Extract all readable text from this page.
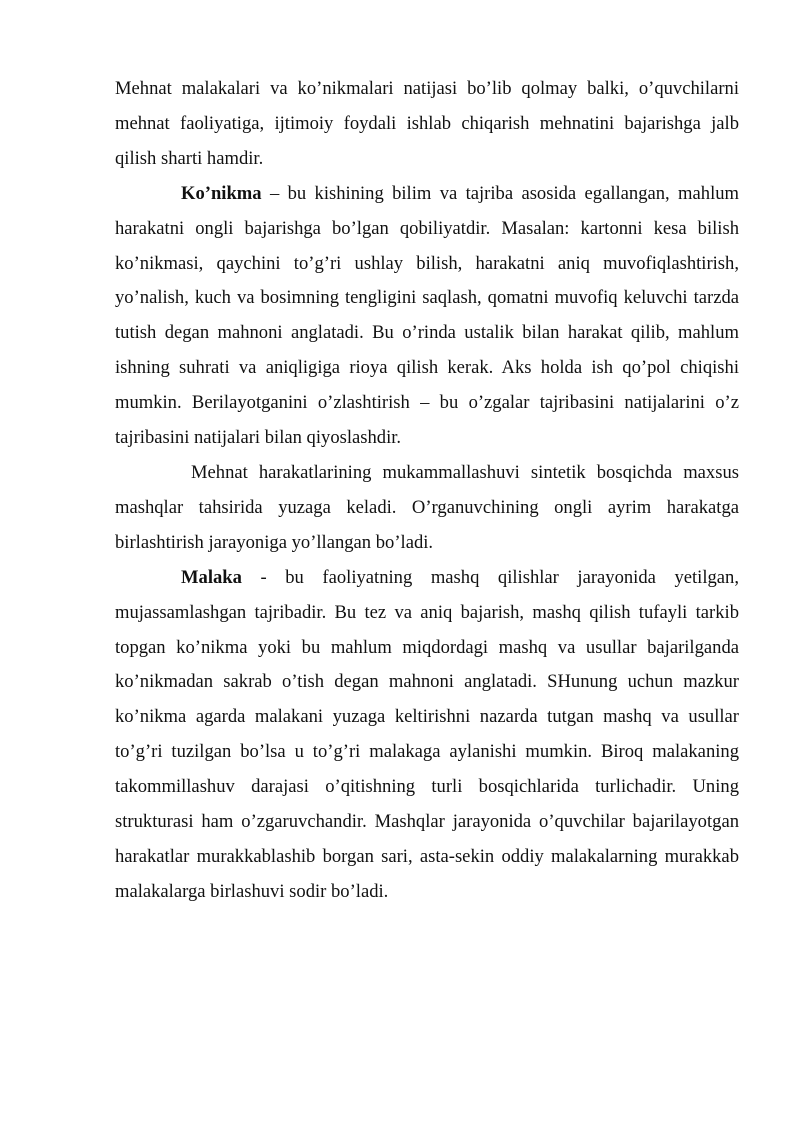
Mehnat malakalari va ko’nikmalari natijasi bo’lib qolmay balki, o’quvchilarni mehnat faoliyatiga, ijtimoiy foydali ishlab chiqarish mehnatini bajarishga jalb qilish sharti hamdir.

Ko’nikma – bu kishining bilim va tajriba asosida egallangan, mahlum harakatni ongli bajarishga bo’lgan qobiliyatdir. Masalan: kartonni kesa bilish ko’nikmasi, qaychini to’g’ri ushlay bilish, harakatni aniq muvofiqlashtirish, yo’nalish, kuch va bosimning tengligini saqlash, qomatni muvofiq keluvchi tarzda tutish degan mahnoni anglatadi. Bu o’rinda ustalik bilan harakat qilib, mahlum ishning suhrati va aniqligiga rioya qilish kerak. Aks holda ish qo’pol chiqishi mumkin. Berilayotganini o’zlashtirish – bu o’zgalar tajribasini natijalarini o’z tajribasini natijalari bilan qiyoslashdir.

Mehnat harakatlarining mukammallashuvi sintetik bosqichda maxsus mashqlar tahsirida yuzaga keladi. O’rganuvchining ongli ayrim harakatga birlashtirish jarayoniga yo’llangan bo’ladi.

Malaka - bu faoliyatning mashq qilishlar jarayonida yetilgan, mujassamlashgan tajribadir. Bu tez va aniq bajarish, mashq qilish tufayli tarkib topgan ko’nikma yoki bu mahlum miqdordagi mashq va usullar bajarilganda ko’nikmadan sakrab o’tish degan mahnoni anglatadi. SHunung uchun mazkur ko’nikma agarda malakani yuzaga keltirishni nazarda tutgan mashq va usullar to’g’ri tuzilgan bo’lsa u to’g’ri malakaga aylanishi mumkin. Biroq malakaning takommillashuv darajasi o’qitishning turli bosqichlarida turlichadir. Uning strukturasi ham o’zgaruvchandir. Mashqlar jarayonida o’quvchilar bajarilayotgan harakatlar murakkablashib borgan sari, asta-sekin oddiy malakalarning murakkab malakalarga birlashuvi sodir bo’ladi.
